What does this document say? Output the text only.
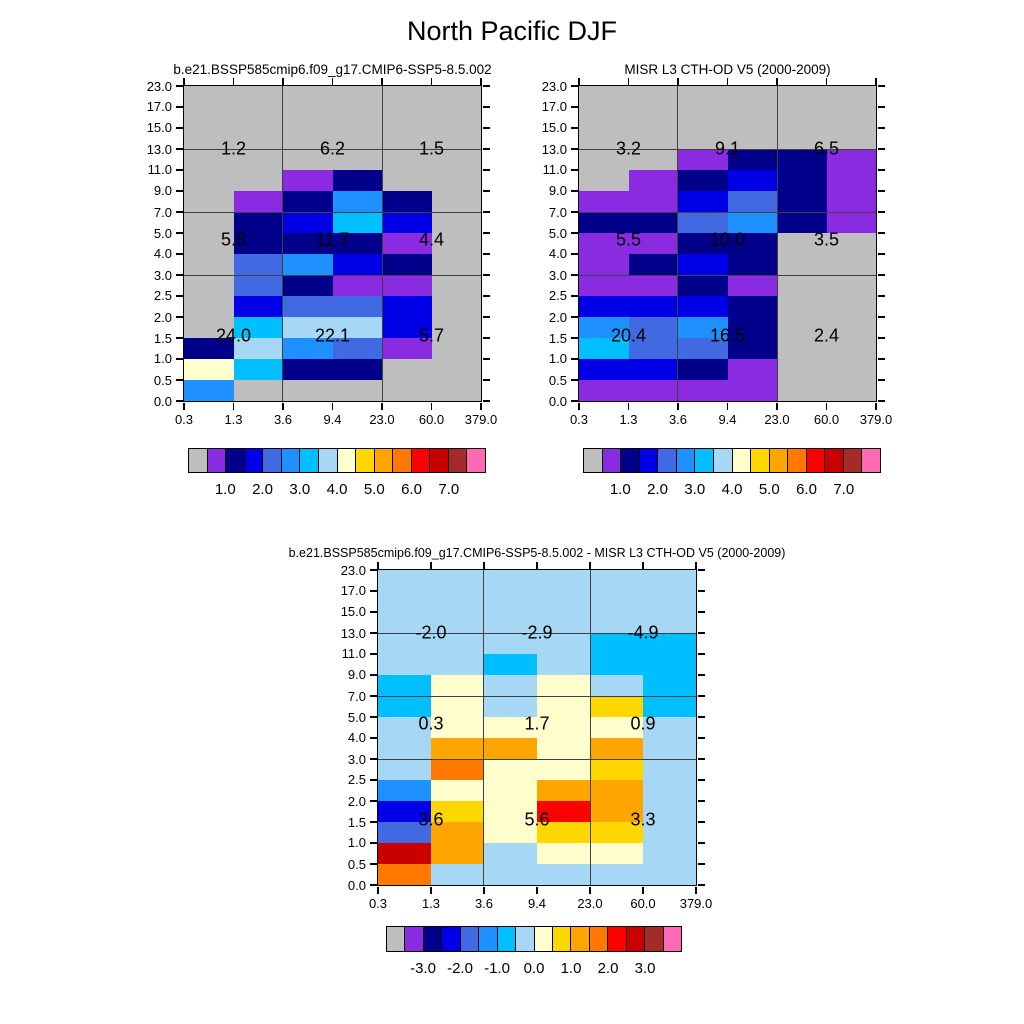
North Pacific DJF
b.e21.BSSP585cmip6.f09_g17.CMIP6-SSP5-8.5.002
1.2	6.2	1.5
5.8	11.7	4.4
24.0	22.1	5.7
0.3	1.3	3.6	9.4	23.0	60.0	379.0
23.0
17.0
15.0
13.0
11.0
9.0
7.0
5.0
4.0
3.0
2.5
2.0
1.5
1.0
0.5
0.0
MISR L3 CTH-OD V5 (2000-2009)
3.2	9.1	6.5
5.5	10.0	3.5
20.4	16.5	2.4
0.3	1.3	3.6	9.4	23.0	60.0	379.0
23.0
17.0
15.0
13.0
11.0
9.0
7.0
5.0
4.0
3.0
2.5
2.0
1.5
1.0
0.5
0.0
b.e21.BSSP585cmip6.f09_g17.CMIP6-SSP5-8.5.002 - MISR L3 CTH-OD V5 (2000-2009)
-2.0	-2.9	-4.9
0.3	1.7	0.9
3.6	5.6	3.3
0.3	1.3	3.6	9.4	23.0	60.0	379.0
23.0
17.0
15.0
13.0
11.0
9.0
7.0
5.0
4.0
3.0
2.5
2.0
1.5
1.0
0.5
0.0
1.0 2.0 3.0 4.0 5.0 6.0 7.0	1.0 2.0 3.0 4.0 5.0 6.0 7.0
-3.0 -2.0 -1.0 0.0 1.0 2.0 3.0
